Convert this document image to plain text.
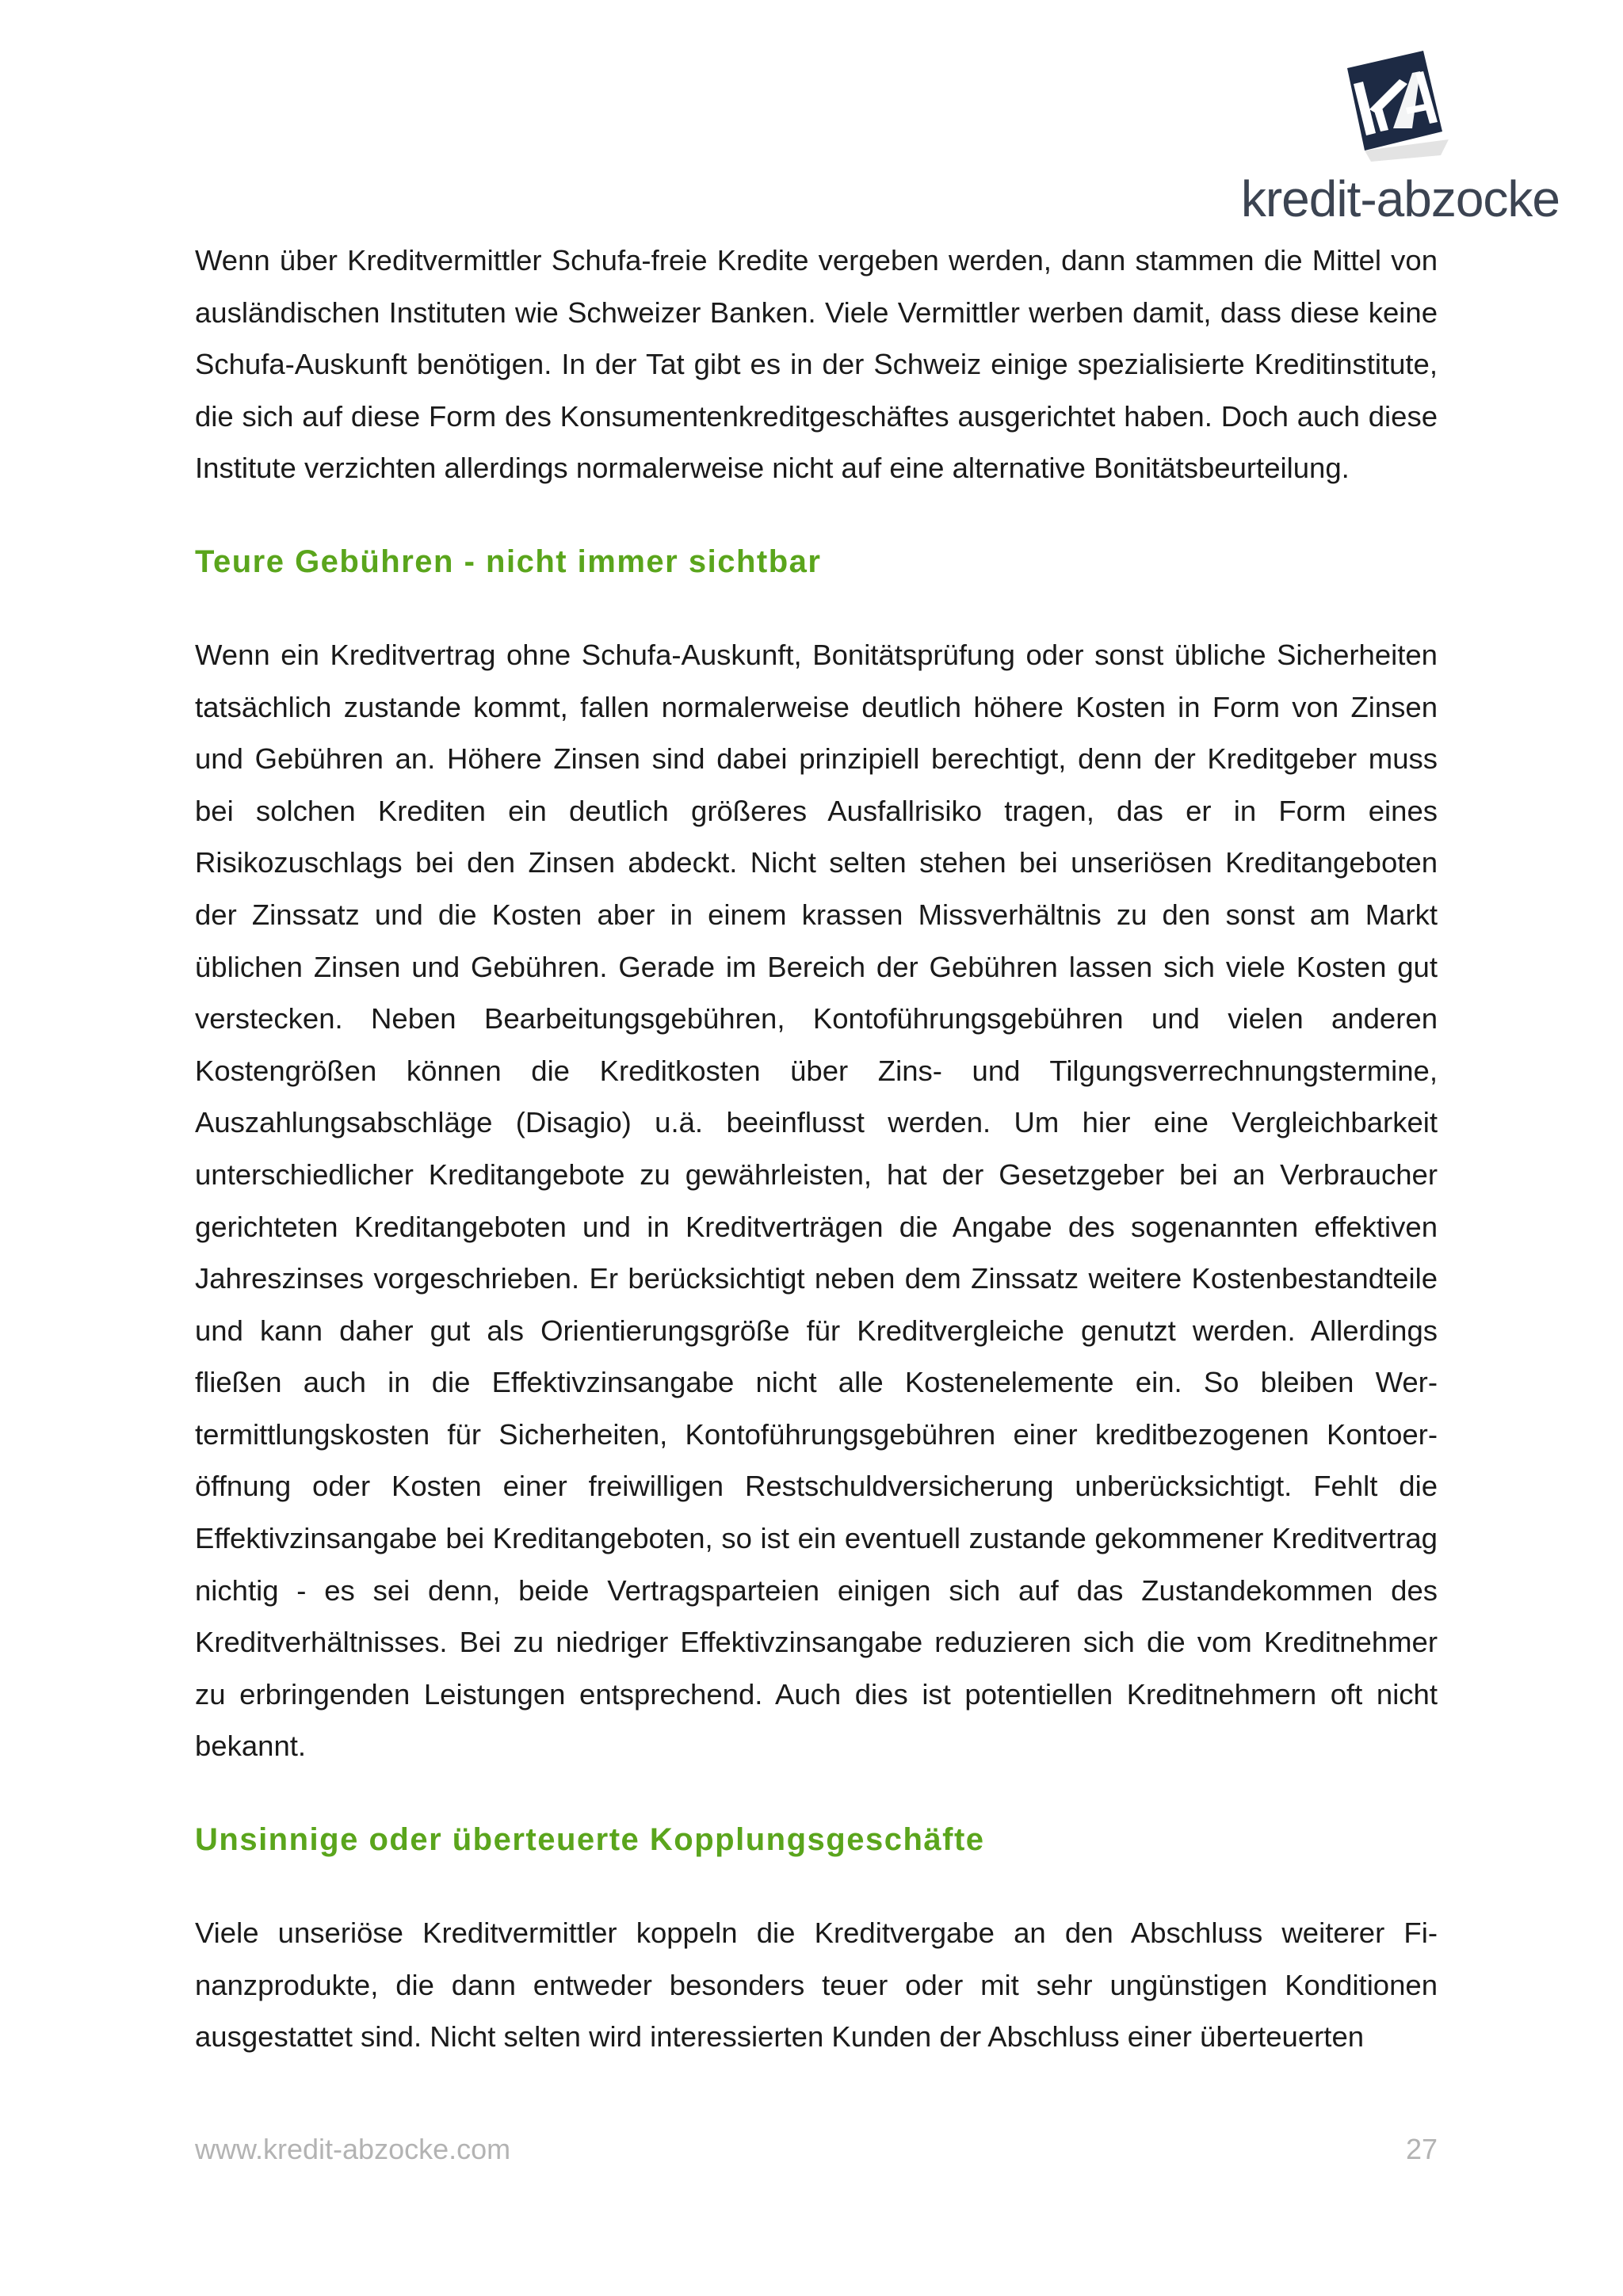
kredit-abzocke

Wenn über Kreditvermittler Schufa-freie Kredite vergeben werden, dann stammen die Mittel von ausländischen Instituten wie Schweizer Banken. Viele Vermittler werben damit, dass diese keine Schufa-Auskunft benötigen. In der Tat gibt es in der Schweiz einige spezialisierte Kreditinstitute, die sich auf diese Form des Konsumentenkreditgeschäftes ausgerichtet haben. Doch auch diese Institute verzichten allerdings normalerweise nicht auf eine alternative Bonitätsbeurteilung.

Teure Gebühren - nicht immer sichtbar

Wenn ein Kreditvertrag ohne Schufa-Auskunft, Bonitätsprüfung oder sonst übliche Sicherheiten tatsächlich zustande kommt, fallen normalerweise deutlich höhere Kosten in Form von Zinsen und Gebühren an. Höhere Zinsen sind dabei prinzipiell berechtigt, denn der Kreditgeber muss bei solchen Krediten ein deutlich größeres Ausfallrisiko tragen, das er in Form eines Risikozuschlags bei den Zinsen abdeckt. Nicht selten stehen bei unseriösen Kreditangeboten der Zinssatz und die Kosten aber in einem krassen Missverhältnis zu den sonst am Markt üblichen Zinsen und Gebühren. Gerade im Bereich der Gebühren lassen sich viele Kosten gut verstecken. Neben Bearbeitungsgebühren, Kontoführungsgebühren und vielen anderen Kostengrößen können die Kreditkosten über Zins- und Tilgungsverrechnungstermine, Auszahlungsabschläge (Disagio) u.ä. beeinflusst werden. Um hier eine Vergleichbarkeit unterschiedlicher Kreditangebote zu gewährleisten, hat der Gesetzgeber bei an Verbraucher gerichteten Kreditangeboten und in Kreditverträgen die Angabe des sogenannten effektiven Jahreszinses vorgeschrieben. Er berücksichtigt neben dem Zinssatz weitere Kostenbestandteile und kann daher gut als Orientierungsgröße für Kreditvergleiche genutzt werden. Allerdings fließen auch in die Effektivzinsangabe nicht alle Kostenelemente ein. So bleiben Wertermittlungskosten für Sicherheiten, Kontoführungsgebühren einer kreditbezogenen Kontoeröffnung oder Kosten einer freiwilligen Restschuldversicherung unberücksichtigt. Fehlt die Effektivzinsangabe bei Kreditangeboten, so ist ein eventuell zustande gekommener Kreditvertrag nichtig - es sei denn, beide Vertragsparteien einigen sich auf das Zustandekommen des Kreditverhältnisses. Bei zu niedriger Effektivzinsangabe reduzieren sich die vom Kreditnehmer zu erbringenden Leistungen entsprechend. Auch dies ist potentiellen Kreditnehmern oft nicht bekannt.

Unsinnige oder überteuerte Kopplungsgeschäfte

Viele unseriöse Kreditvermittler koppeln die Kreditvergabe an den Abschluss weiterer Finanzprodukte, die dann entweder besonders teuer oder mit sehr ungünstigen Konditionen ausgestattet sind. Nicht selten wird interessierten Kunden der Abschluss einer überteuerten

www.kredit-abzocke.com	27
